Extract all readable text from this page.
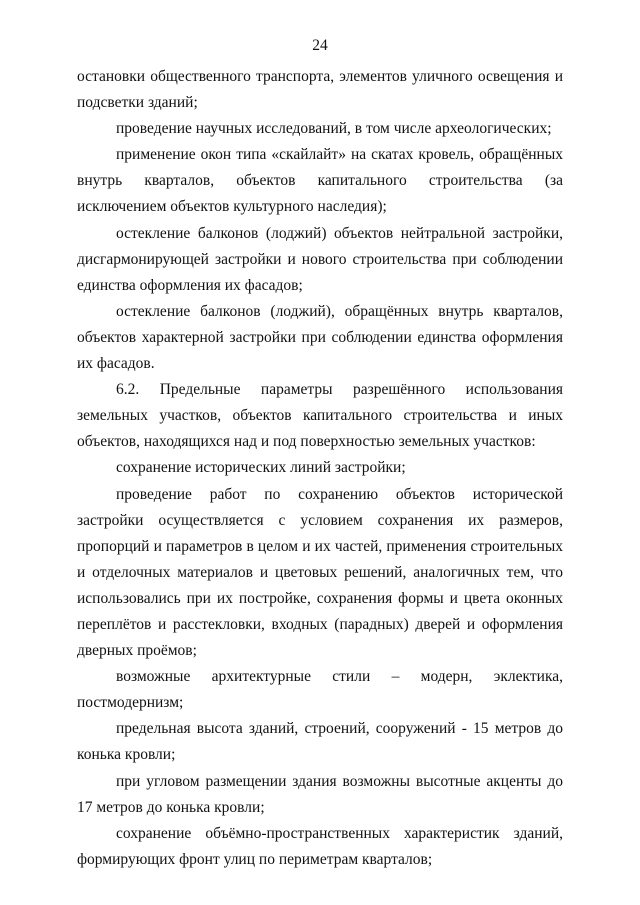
24

остановки общественного транспорта, элементов уличного освещения и подсветки зданий;

проведение научных исследований, в том числе археологических;

применение окон типа «скайлайт» на скатах кровель, обращённых внутрь кварталов, объектов капитального строительства (за исключением объектов культурного наследия);

остекление балконов (лоджий) объектов нейтральной застройки, дисгармонирующей застройки и нового строительства при соблюдении единства оформления их фасадов;

остекление балконов (лоджий), обращённых внутрь кварталов, объектов характерной застройки при соблюдении единства оформления их фасадов.

6.2. Предельные параметры разрешённого использования земельных участков, объектов капитального строительства и иных объектов, находящихся над и под поверхностью земельных участков:

сохранение исторических линий застройки;

проведение работ по сохранению объектов исторической застройки осуществляется с условием сохранения их размеров, пропорций и параметров в целом и их частей, применения строительных и отделочных материалов и цветовых решений, аналогичных тем, что использовались при их постройке, сохранения формы и цвета оконных переплётов и расстекловки, входных (парадных) дверей и оформления дверных проёмов;

возможные архитектурные стили – модерн, эклектика, постмодернизм;

предельная высота зданий, строений, сооружений - 15 метров до конька кровли;

при угловом размещении здания возможны высотные акценты до 17 метров до конька кровли;

сохранение объёмно-пространственных характеристик зданий, формирующих фронт улиц по периметрам кварталов;
